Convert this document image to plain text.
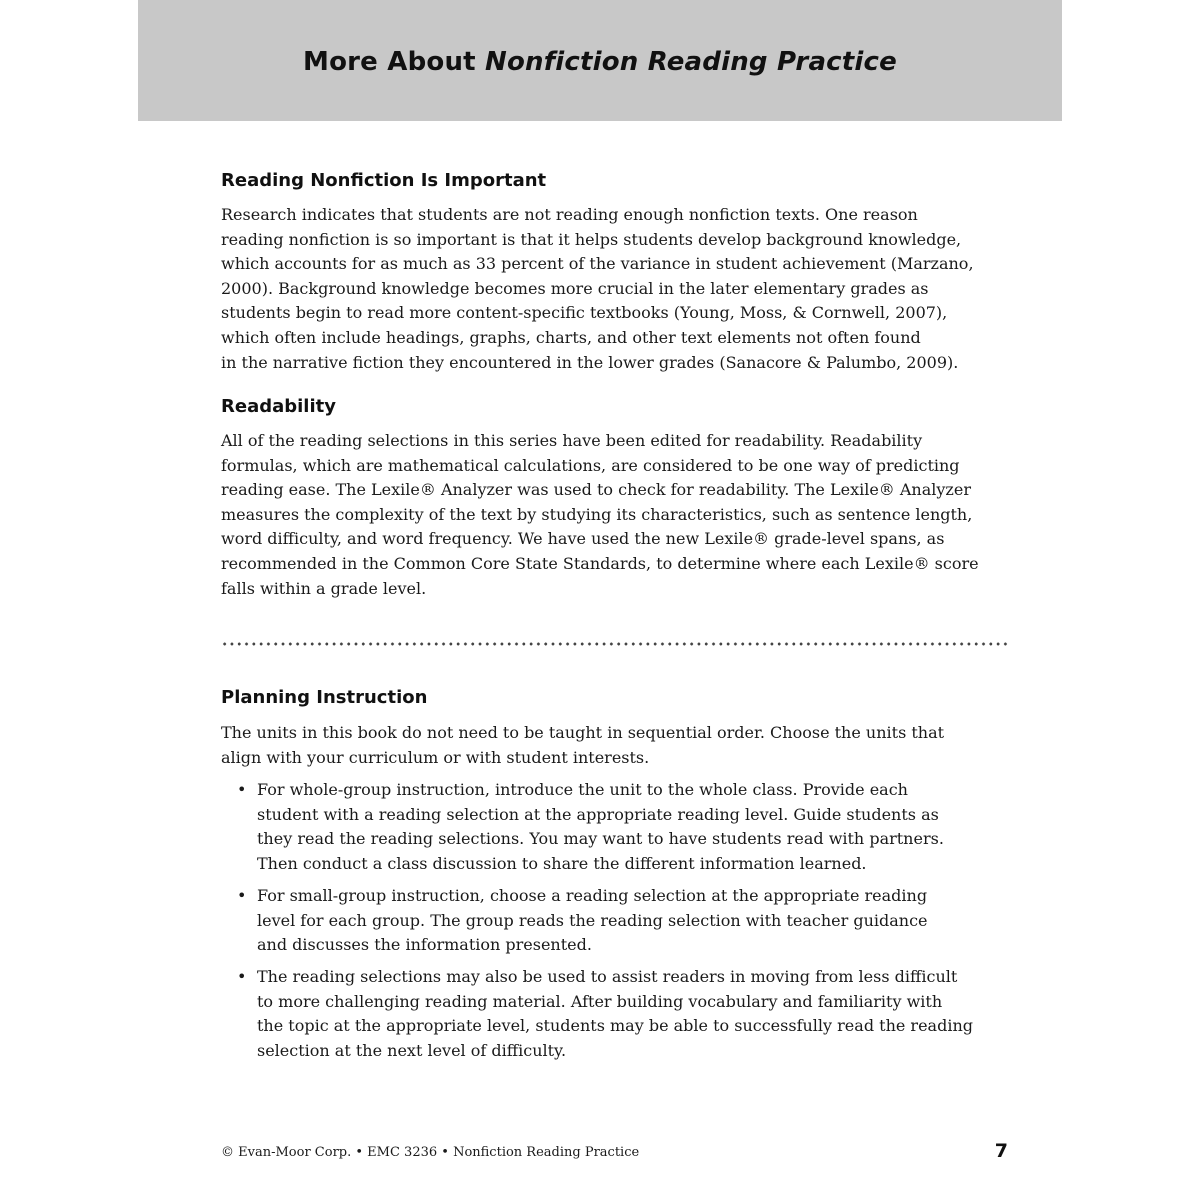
More About Nonfiction Reading Practice
Reading Nonfiction Is Important

Research indicates that students are not reading enough nonfiction texts. One reason
reading nonfiction is so important is that it helps students develop background knowledge,
which accounts for as much as 33 percent of the variance in student achievement (Marzano,
2000). Background knowledge becomes more crucial in the later elementary grades as
students begin to read more content-specific textbooks (Young, Moss, & Cornwell, 2007),
which often include headings, graphs, charts, and other text elements not often found
in the narrative fiction they encountered in the lower grades (Sanacore & Palumbo, 2009).

Readability

All of the reading selections in this series have been edited for readability. Readability
formulas, which are mathematical calculations, are considered to be one way of predicting
reading ease. The Lexile® Analyzer was used to check for readability. The Lexile® Analyzer
measures the complexity of the text by studying its characteristics, such as sentence length,
word difficulty, and word frequency. We have used the new Lexile® grade-level spans, as
recommended in the Common Core State Standards, to determine where each Lexile® score
falls within a grade level.

Planning Instruction

The units in this book do not need to be taught in sequential order. Choose the units that
align with your curriculum or with student interests.

• For whole-group instruction, introduce the unit to the whole class. Provide each
student with a reading selection at the appropriate reading level. Guide students as
they read the reading selections. You may want to have students read with partners.
Then conduct a class discussion to share the different information learned.
• For small-group instruction, choose a reading selection at the appropriate reading
level for each group. The group reads the reading selection with teacher guidance
and discusses the information presented.
• The reading selections may also be used to assist readers in moving from less difficult
to more challenging reading material. After building vocabulary and familiarity with
the topic at the appropriate level, students may be able to successfully read the reading
selection at the next level of difficulty.

© Evan-Moor Corp. • EMC 3236 • Nonfiction Reading Practice	7
